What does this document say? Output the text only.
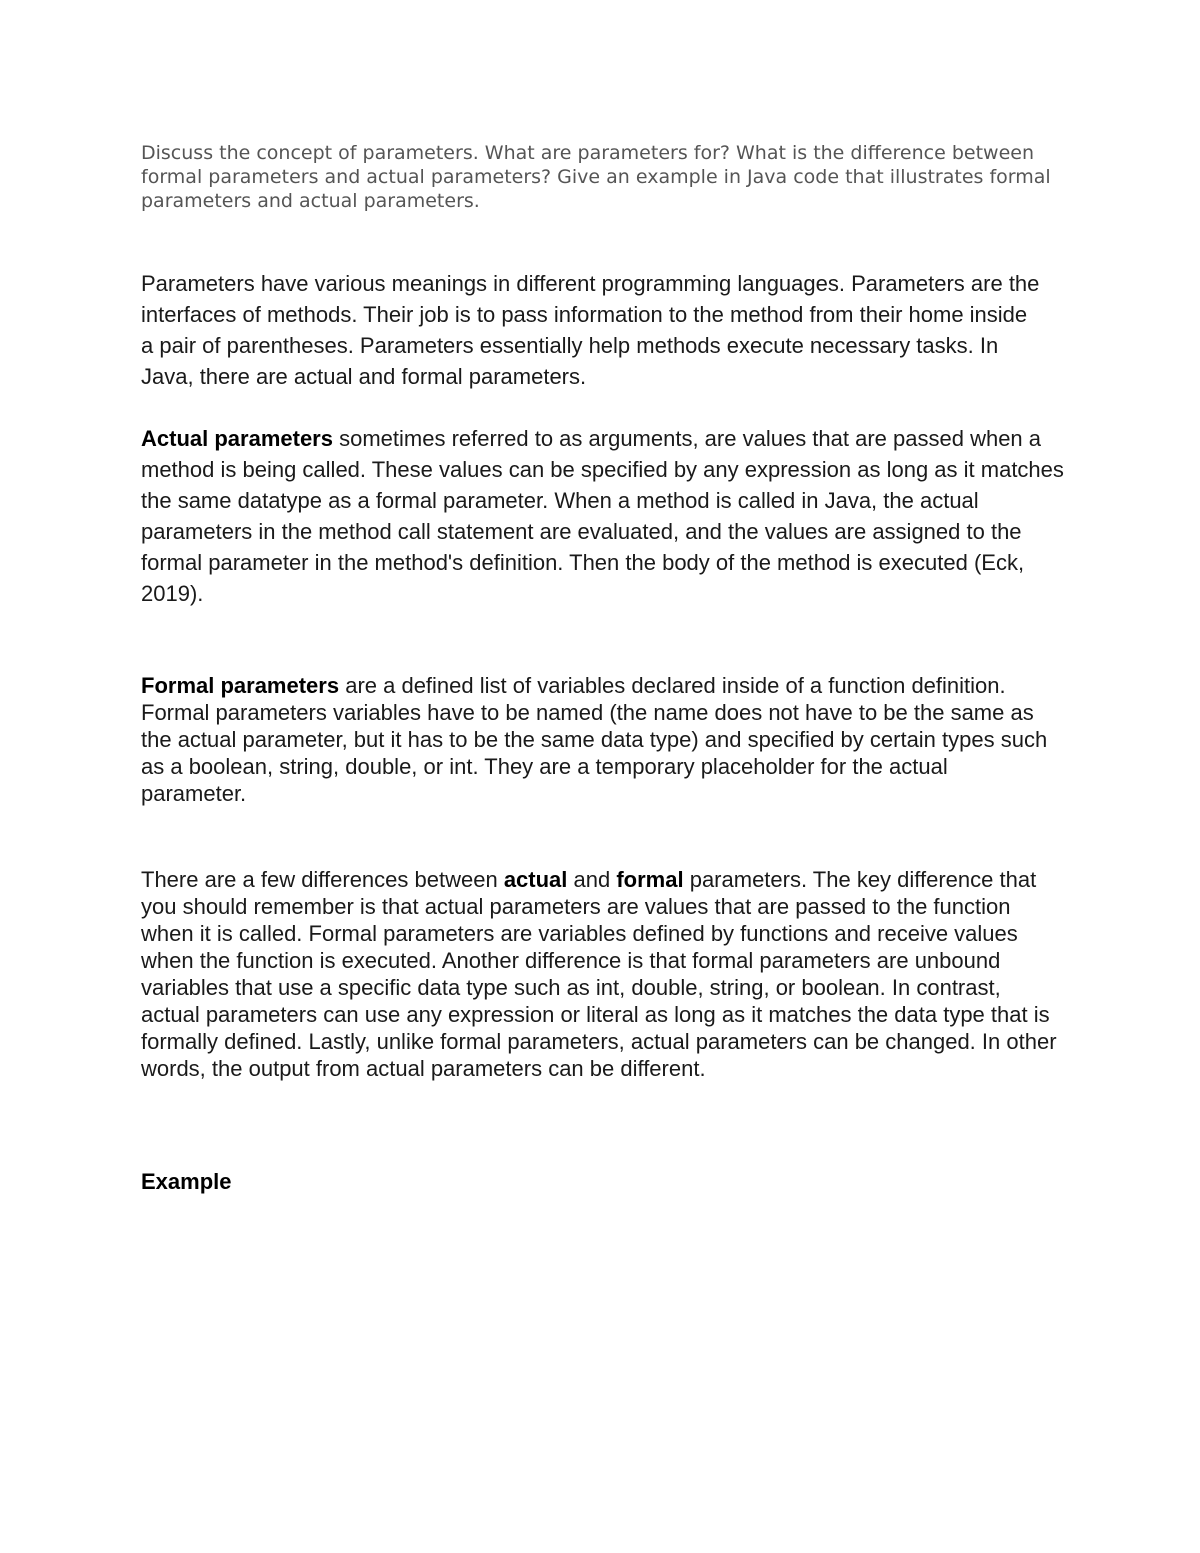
Discuss the concept of parameters. What are parameters for? What is the difference between formal parameters and actual parameters? Give an example in Java code that illustrates formal parameters and actual parameters.

Parameters have various meanings in different programming languages. Parameters are the interfaces of methods. Their job is to pass information to the method from their home inside a pair of parentheses. Parameters essentially help methods execute necessary tasks. In Java, there are actual and formal parameters.

Actual parameters sometimes referred to as arguments, are values that are passed when a method is being called. These values can be specified by any expression as long as it matches the same datatype as a formal parameter. When a method is called in Java, the actual parameters in the method call statement are evaluated, and the values are assigned to the formal parameter in the method's definition. Then the body of the method is executed (Eck, 2019).

Formal parameters are a defined list of variables declared inside of a function definition. Formal parameters variables have to be named (the name does not have to be the same as the actual parameter, but it has to be the same data type) and specified by certain types such as a boolean, string, double, or int. They are a temporary placeholder for the actual parameter.

There are a few differences between actual and formal parameters. The key difference that you should remember is that actual parameters are values that are passed to the function when it is called. Formal parameters are variables defined by functions and receive values when the function is executed. Another difference is that formal parameters are unbound variables that use a specific data type such as int, double, string, or boolean. In contrast, actual parameters can use any expression or literal as long as it matches the data type that is formally defined. Lastly, unlike formal parameters, actual parameters can be changed. In other words, the output from actual parameters can be different.

Example
